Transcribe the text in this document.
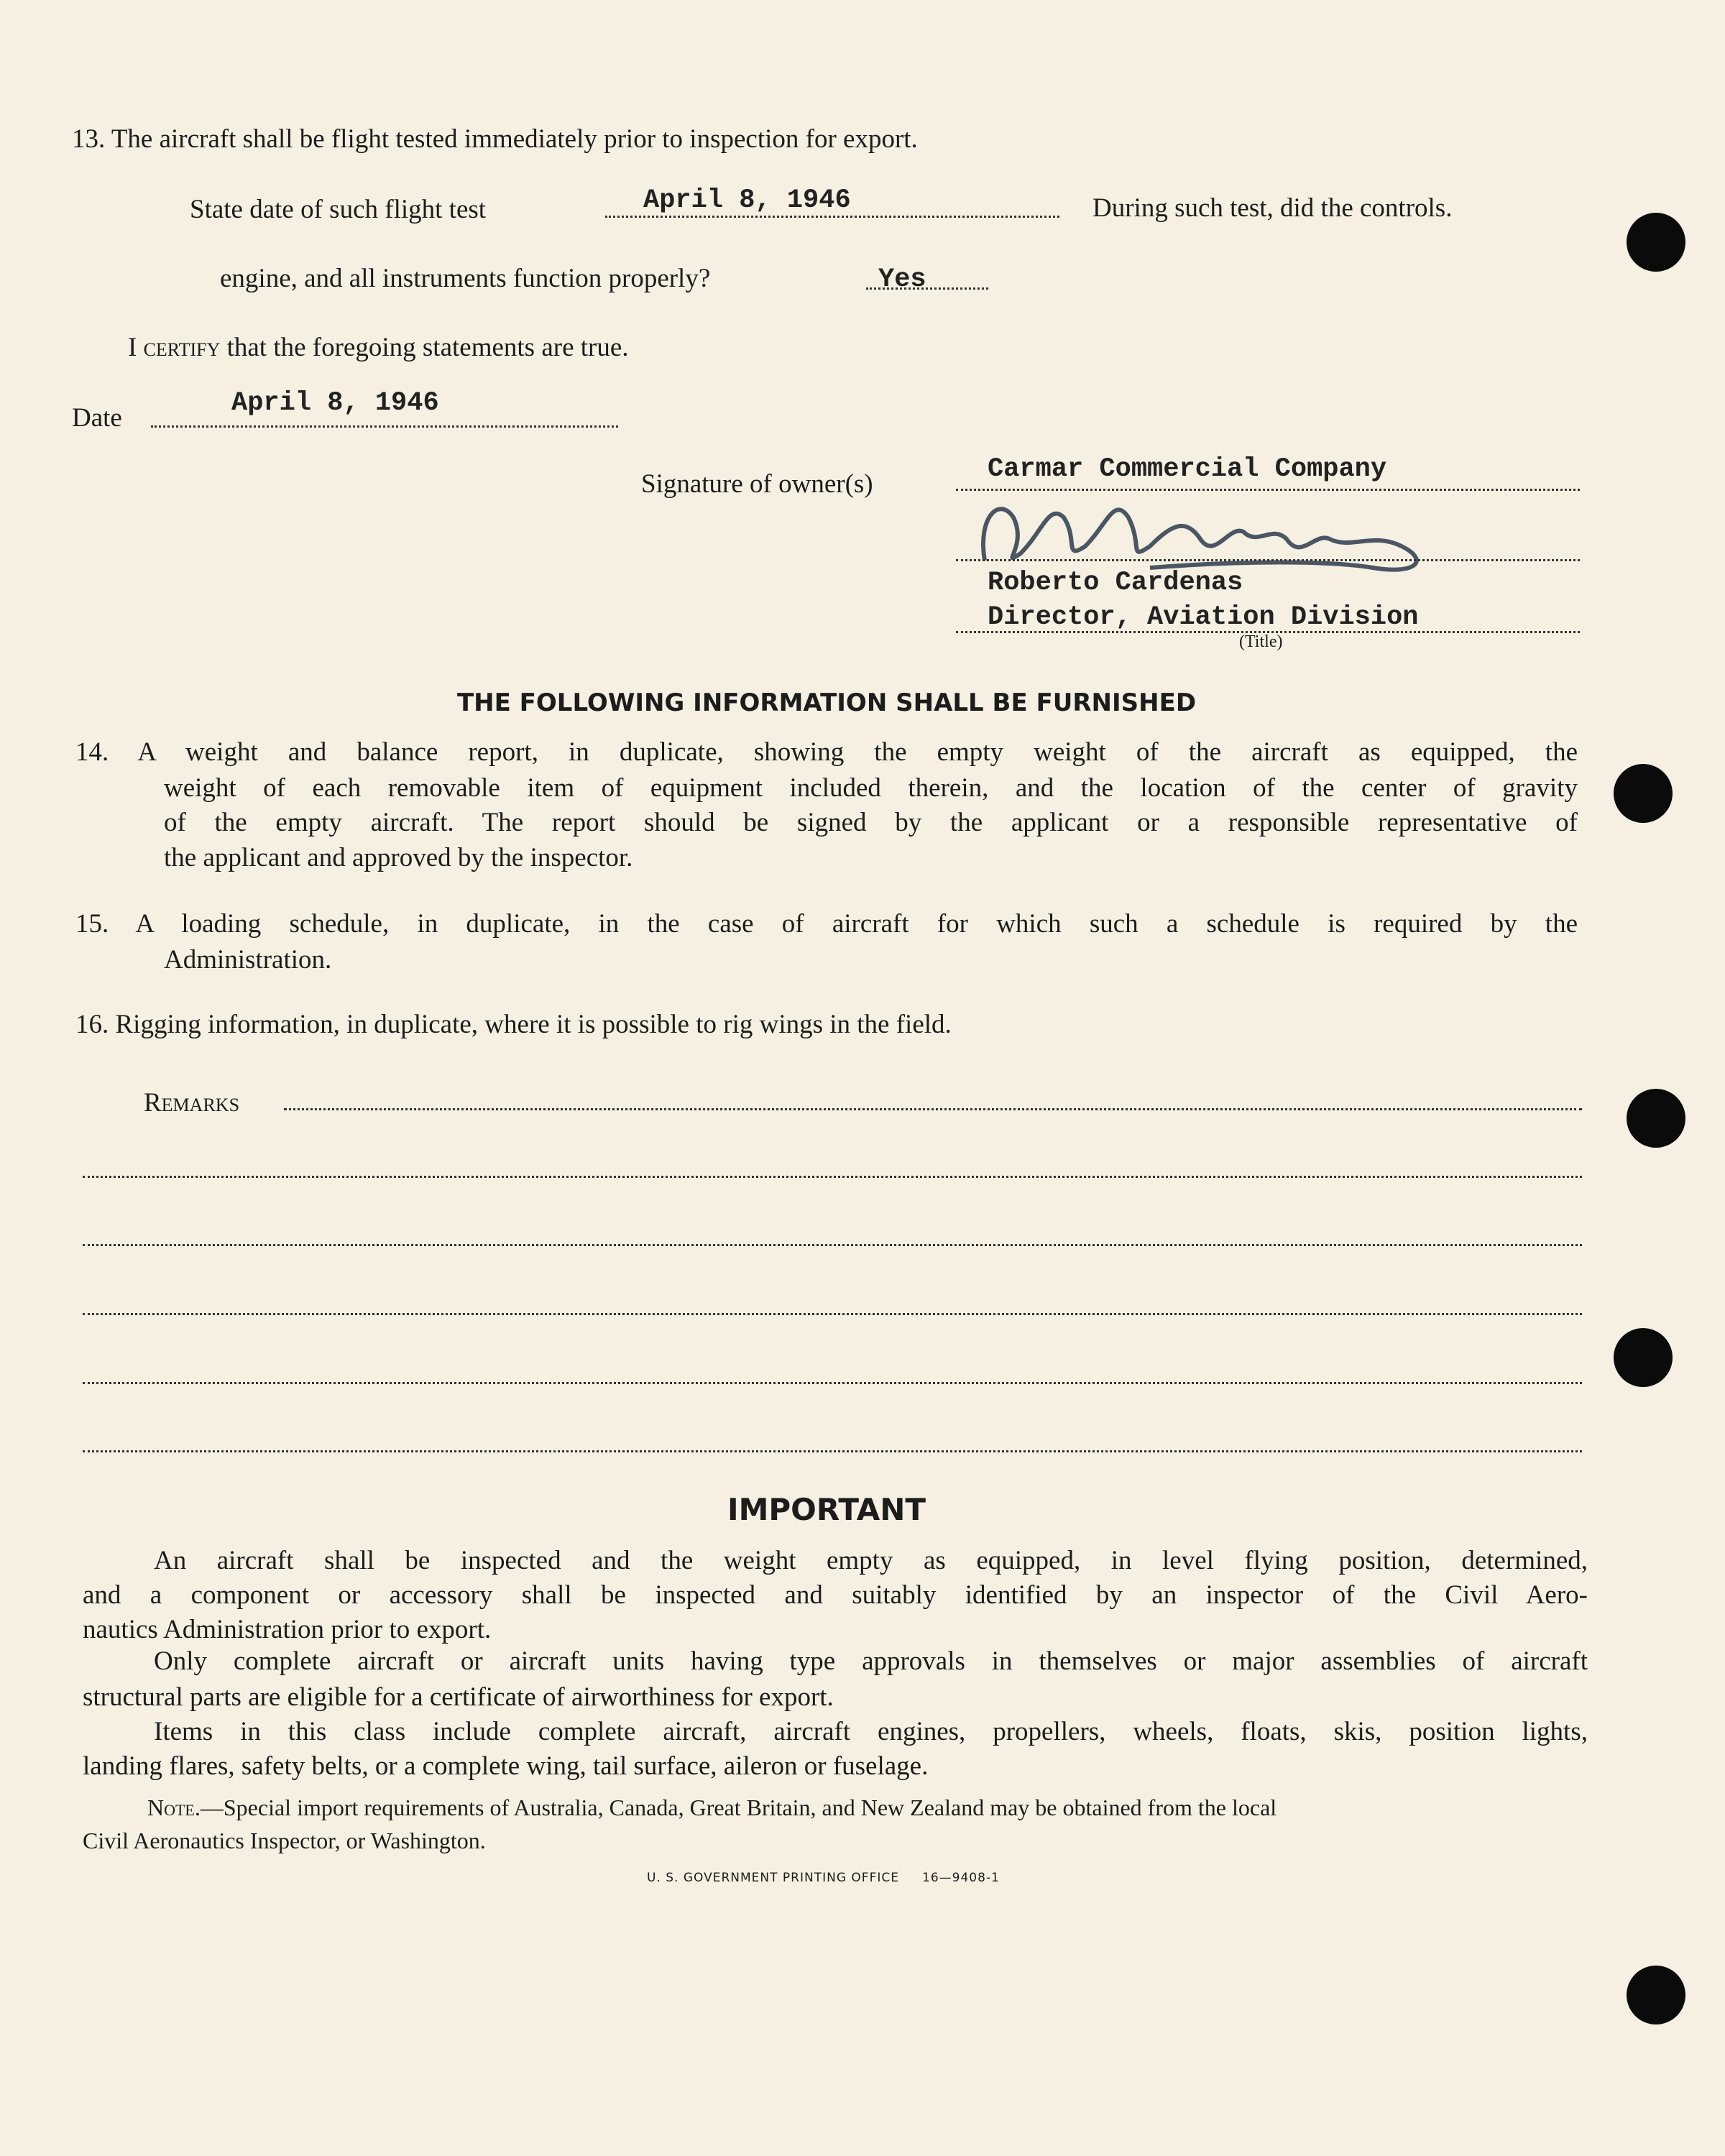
13. The aircraft shall be flight tested immediately prior to inspection for export.
State date of such flight test	April 8, 1946	During such test, did the controls.
engine, and all instruments function properly?	Yes
I certify that the foregoing statements are true.
Date	April 8, 1946
Signature of owner(s)	Carmar Commercial Company
Roberto Cardenas
Director, Aviation Division
(Title)
THE FOLLOWING INFORMATION SHALL BE FURNISHED
14. A weight and balance report, in duplicate, showing the empty weight of the aircraft as equipped, the
weight of each removable item of equipment included therein, and the location of the center of gravity
of the empty aircraft. The report should be signed by the applicant or a responsible representative of
the applicant and approved by the inspector.
15. A loading schedule, in duplicate, in the case of aircraft for which such a schedule is required by the
Administration.
16. Rigging information, in duplicate, where it is possible to rig wings in the field.
Remarks
IMPORTANT
An aircraft shall be inspected and the weight empty as equipped, in level flying position, determined,
and a component or accessory shall be inspected and suitably identified by an inspector of the Civil Aero-
nautics Administration prior to export.
Only complete aircraft or aircraft units having type approvals in themselves or major assemblies of aircraft
structural parts are eligible for a certificate of airworthiness for export.
Items in this class include complete aircraft, aircraft engines, propellers, wheels, floats, skis, position lights,
landing flares, safety belts, or a complete wing, tail surface, aileron or fuselage.
Note.—Special import requirements of Australia, Canada, Great Britain, and New Zealand may be obtained from the local
Civil Aeronautics Inspector, or Washington.
U. S. GOVERNMENT PRINTING OFFICE 16—9408-1
